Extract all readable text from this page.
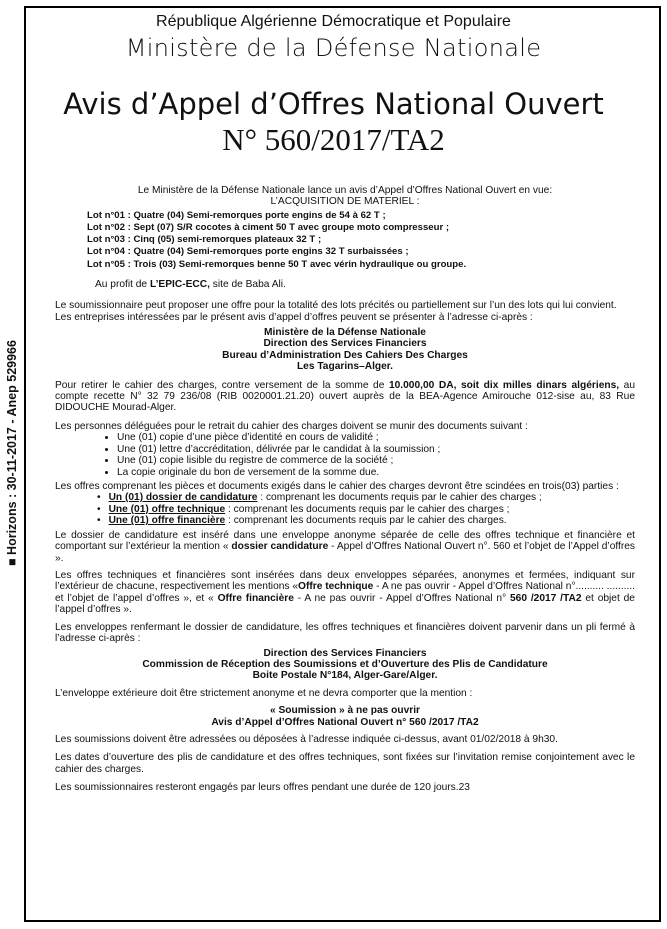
■ Horizons : 30-11-2017 - Anep 529966
République Algérienne Démocratique et Populaire
Ministère de la Défense Nationale
Avis d’Appel d’Offres National Ouvert
N° 560/2017/TA2

Le Ministère de la Défense Nationale lance un avis d’Appel d’Offres National Ouvert en vue:

L’ACQUISITION DE MATERIEL :

Lot n°01 : Quatre (04) Semi-remorques porte engins de 54 à 62 T ;
Lot n°02 : Sept (07) S/R cocotes à ciment 50 T avec groupe moto compresseur ;
Lot n°03 : Cinq (05) semi-remorques plateaux 32 T ;
Lot n°04 : Quatre (04) Semi-remorques porte engins 32 T surbaissées ;
Lot n°05 : Trois (03) Semi-remorques benne 50 T avec vérin hydraulique ou groupe.

Au profit de L’EPIC-ECC, site de Baba Ali.

Le soumissionnaire peut proposer une offre pour la totalité des lots précités ou partiellement sur l’un des lots qui lui convient.

Les entreprises intéressées par le présent avis d’appel d’offres peuvent se présenter à l’adresse ci-après :

Ministère de la Défense Nationale
Direction des Services Financiers
Bureau d’Administration Des Cahiers Des Charges
Les Tagarins–Alger.

Pour retirer le cahier des charges, contre versement de la somme de 10.000,00 DA, soit dix milles dinars algériens, au compte recette N° 32 79 236/08 (RIB 0020001.21.20) ouvert auprès de la BEA-Agence Amirouche 012-sise au, 83 Rue DIDOUCHE Mourad-Alger.

Les personnes déléguées pour le retrait du cahier des charges doivent se munir des documents suivant :

• Une (01) copie d’une pièce d’identité en cours de validité ;
• Une (01) lettre d’accréditation, délivrée par le candidat à la soumission ;
• Une (01) copie lisible du registre de commerce de la société ;
• La copie originale du bon de versement de la somme due.

Les offres comprenant les pièces et documents exigés dans le cahier des charges devront être scindées en trois(03) parties :

• Un (01) dossier de candidature : comprenant les documents requis par le cahier des charges ;
• Une (01) offre technique : comprenant les documents requis par le cahier des charges ;
• Une (01) offre financière : comprenant les documents requis par le cahier des charges.

Le dossier de candidature est inséré dans une enveloppe anonyme séparée de celle des offres technique et financière et comportant sur l’extérieur la mention « dossier candidature - Appel d’Offres National Ouvert n°. 560 et l’objet de l’Appel d’offres ».

Les offres techniques et financières sont insérées dans deux enveloppes séparées, anonymes et fermées, indiquant sur l’extérieur de chacune, respectivement les mentions «Offre technique - A ne pas ouvrir - Appel d’Offres National n°.......... .......... et l’objet de l’appel d’offres », et « Offre financière - A ne pas ouvrir - Appel d’Offres National n° 560 /2017 /TA2 et objet de l’appel d’offres ».

Les enveloppes renfermant le dossier de candidature, les offres techniques et financières doivent parvenir dans un pli fermé à l’adresse ci-après :

Direction des Services Financiers
Commission de Réception des Soumissions et d’Ouverture des Plis de Candidature
Boite Postale N°184, Alger-Gare/Alger.

L’enveloppe extérieure doit être strictement anonyme et ne devra comporter que la mention :

« Soumission » à ne pas ouvrir
Avis d’Appel d’Offres National Ouvert n° 560 /2017 /TA2

Les soumissions doivent être adressées ou déposées à l’adresse indiquée ci-dessus, avant 01/02/2018 à 9h30.

Les dates d’ouverture des plis de candidature et des offres techniques, sont fixées sur l’invitation remise conjointement avec le cahier des charges.

Les soumissionnaires resteront engagés par leurs offres pendant une durée de 120 jours.23
